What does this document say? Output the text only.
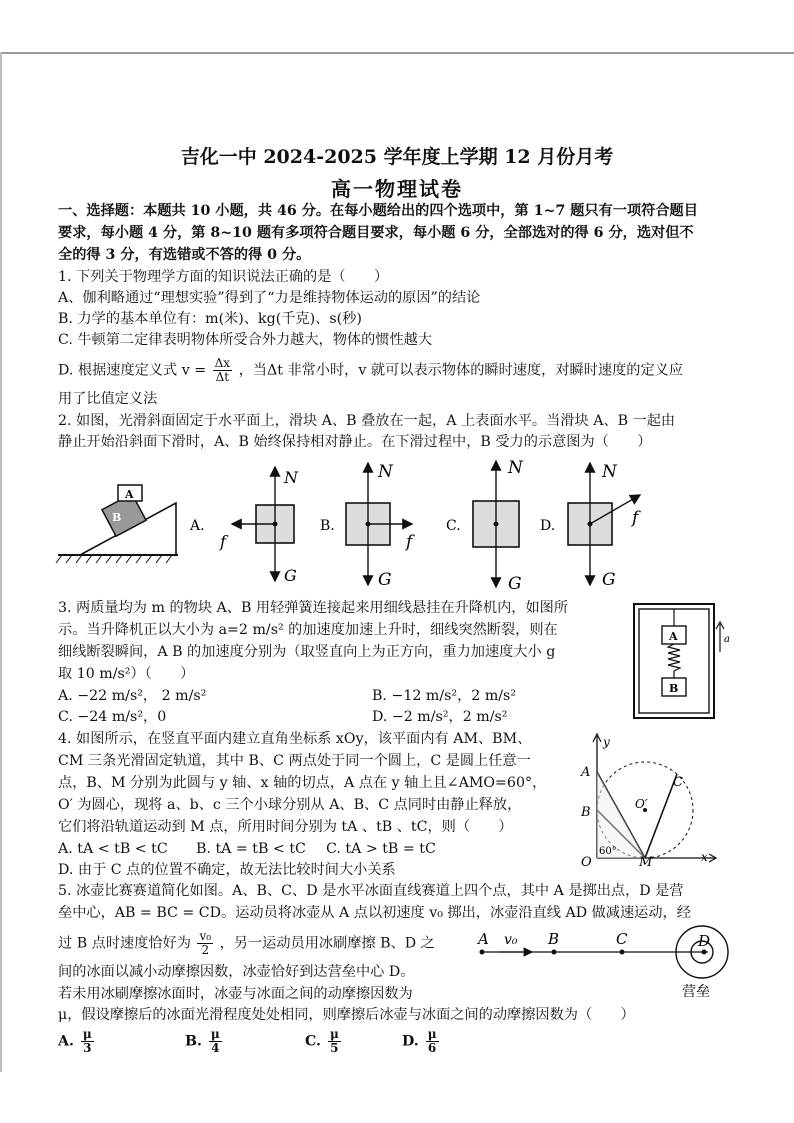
吉化一中 2024-2025 学年度上学期 12 月份月考
高一物理试卷
一、选择题：本题共 10 小题，共 46 分。在每小题给出的四个选项中，第 1~7 题只有一项符合题目
要求，每小题 4 分，第 8~10 题有多项符合题目要求，每小题 6 分，全部选对的得 6 分，选对但不
全的得 3 分，有选错或不答的得 0 分。
1. 下列关于物理学方面的知识说法正确的是（　　）
A、伽利略通过“理想实验”得到了“力是维持物体运动的原因”的结论
B. 力学的基本单位有：m(米)、kg(千克)、s(秒)
C. 牛顿第二定律表明物体所受合外力越大，物体的惯性越大
D. 根据速度定义式 $v = \frac{\Delta x}{\Delta t}$ ，当Δt 非常小时，v 就可以表示物体的瞬时速度，对瞬时速度的定义应
用了比值定义法
2. 如图，光滑斜面固定于水平面上，滑块 A、B 叠放在一起，A 上表面水平。当滑块 A、B 一起由
静止开始沿斜面下滑时，A、B 始终保持相对静止。在下滑过程中，B 受力的示意图为（　　）
A
B
A.
N
G
f
B.
N
G
f
C.
N
G
D.
N
G
f
3. 两质量均为 m 的物块 A、B 用轻弹簧连接起来用细线悬挂在升降机内，如图所
示。当升降机正以大小为 a=2 m/s² 的加速度加速上升时，细线突然断裂，则在
细线断裂瞬间，A B 的加速度分别为（取竖直向上为正方向，重力加速度大小 g
取 10 m/s²）（　　）
A. −22 m/s²， 2 m/s²	B. −12 m/s²，2 m/s²
C. −24 m/s²，0	D. −2 m/s²，2 m/s²
A
B
a
4. 如图所示，在竖直平面内建立直角坐标系 xOy，该平面内有 AM、BM、
CM 三条光滑固定轨道，其中 B、C 两点处于同一个圆上，C 是圆上任意一
点，B、M 分别为此圆与 y 轴、x 轴的切点，A 点在 y 轴上且∠AMO=60°，
O′ 为圆心，现将 a、b、c 三个小球分别从 A、B、C 点同时由静止释放，
它们将沿轨道运动到 M 点，所用时间分别为 tA 、tB 、tC，则（　　）
A. tA < tB < tC B. tA = tB < tC C. tA > tB = tC
D. 由于 C 点的位置不确定，故无法比较时间大小关系
y
x
O
A
B
C
O′
M
60°
5. 冰壶比赛赛道简化如图。A、B、C、D 是水平冰面直线赛道上四个点，其中 A 是掷出点，D 是营
垒中心，AB = BC = CD。运动员将冰壶从 A 点以初速度 v₀ 掷出，冰壶沿直线 AD 做减速运动，经
过 B 点时速度恰好为 $\frac{\text{v₀}}{2}$ ，另一运动员用冰刷摩擦 B、D 之
间的冰面以减小动摩擦因数，冰壶恰好到达营垒中心 D。
若未用冰刷摩擦冰面时，冰壶与冰面之间的动摩擦因数为
μ，假设摩擦后的冰面光滑程度处处相同，则摩擦后冰壶与冰面之间的动摩擦因数为（　　）
A v₀ B	C	D
营垒
A. $\frac{\mu}{3}$	B. $\frac{\mu}{4}$	C. $\frac{\mu}{5}$	D. $\frac{\mu}{6}$
